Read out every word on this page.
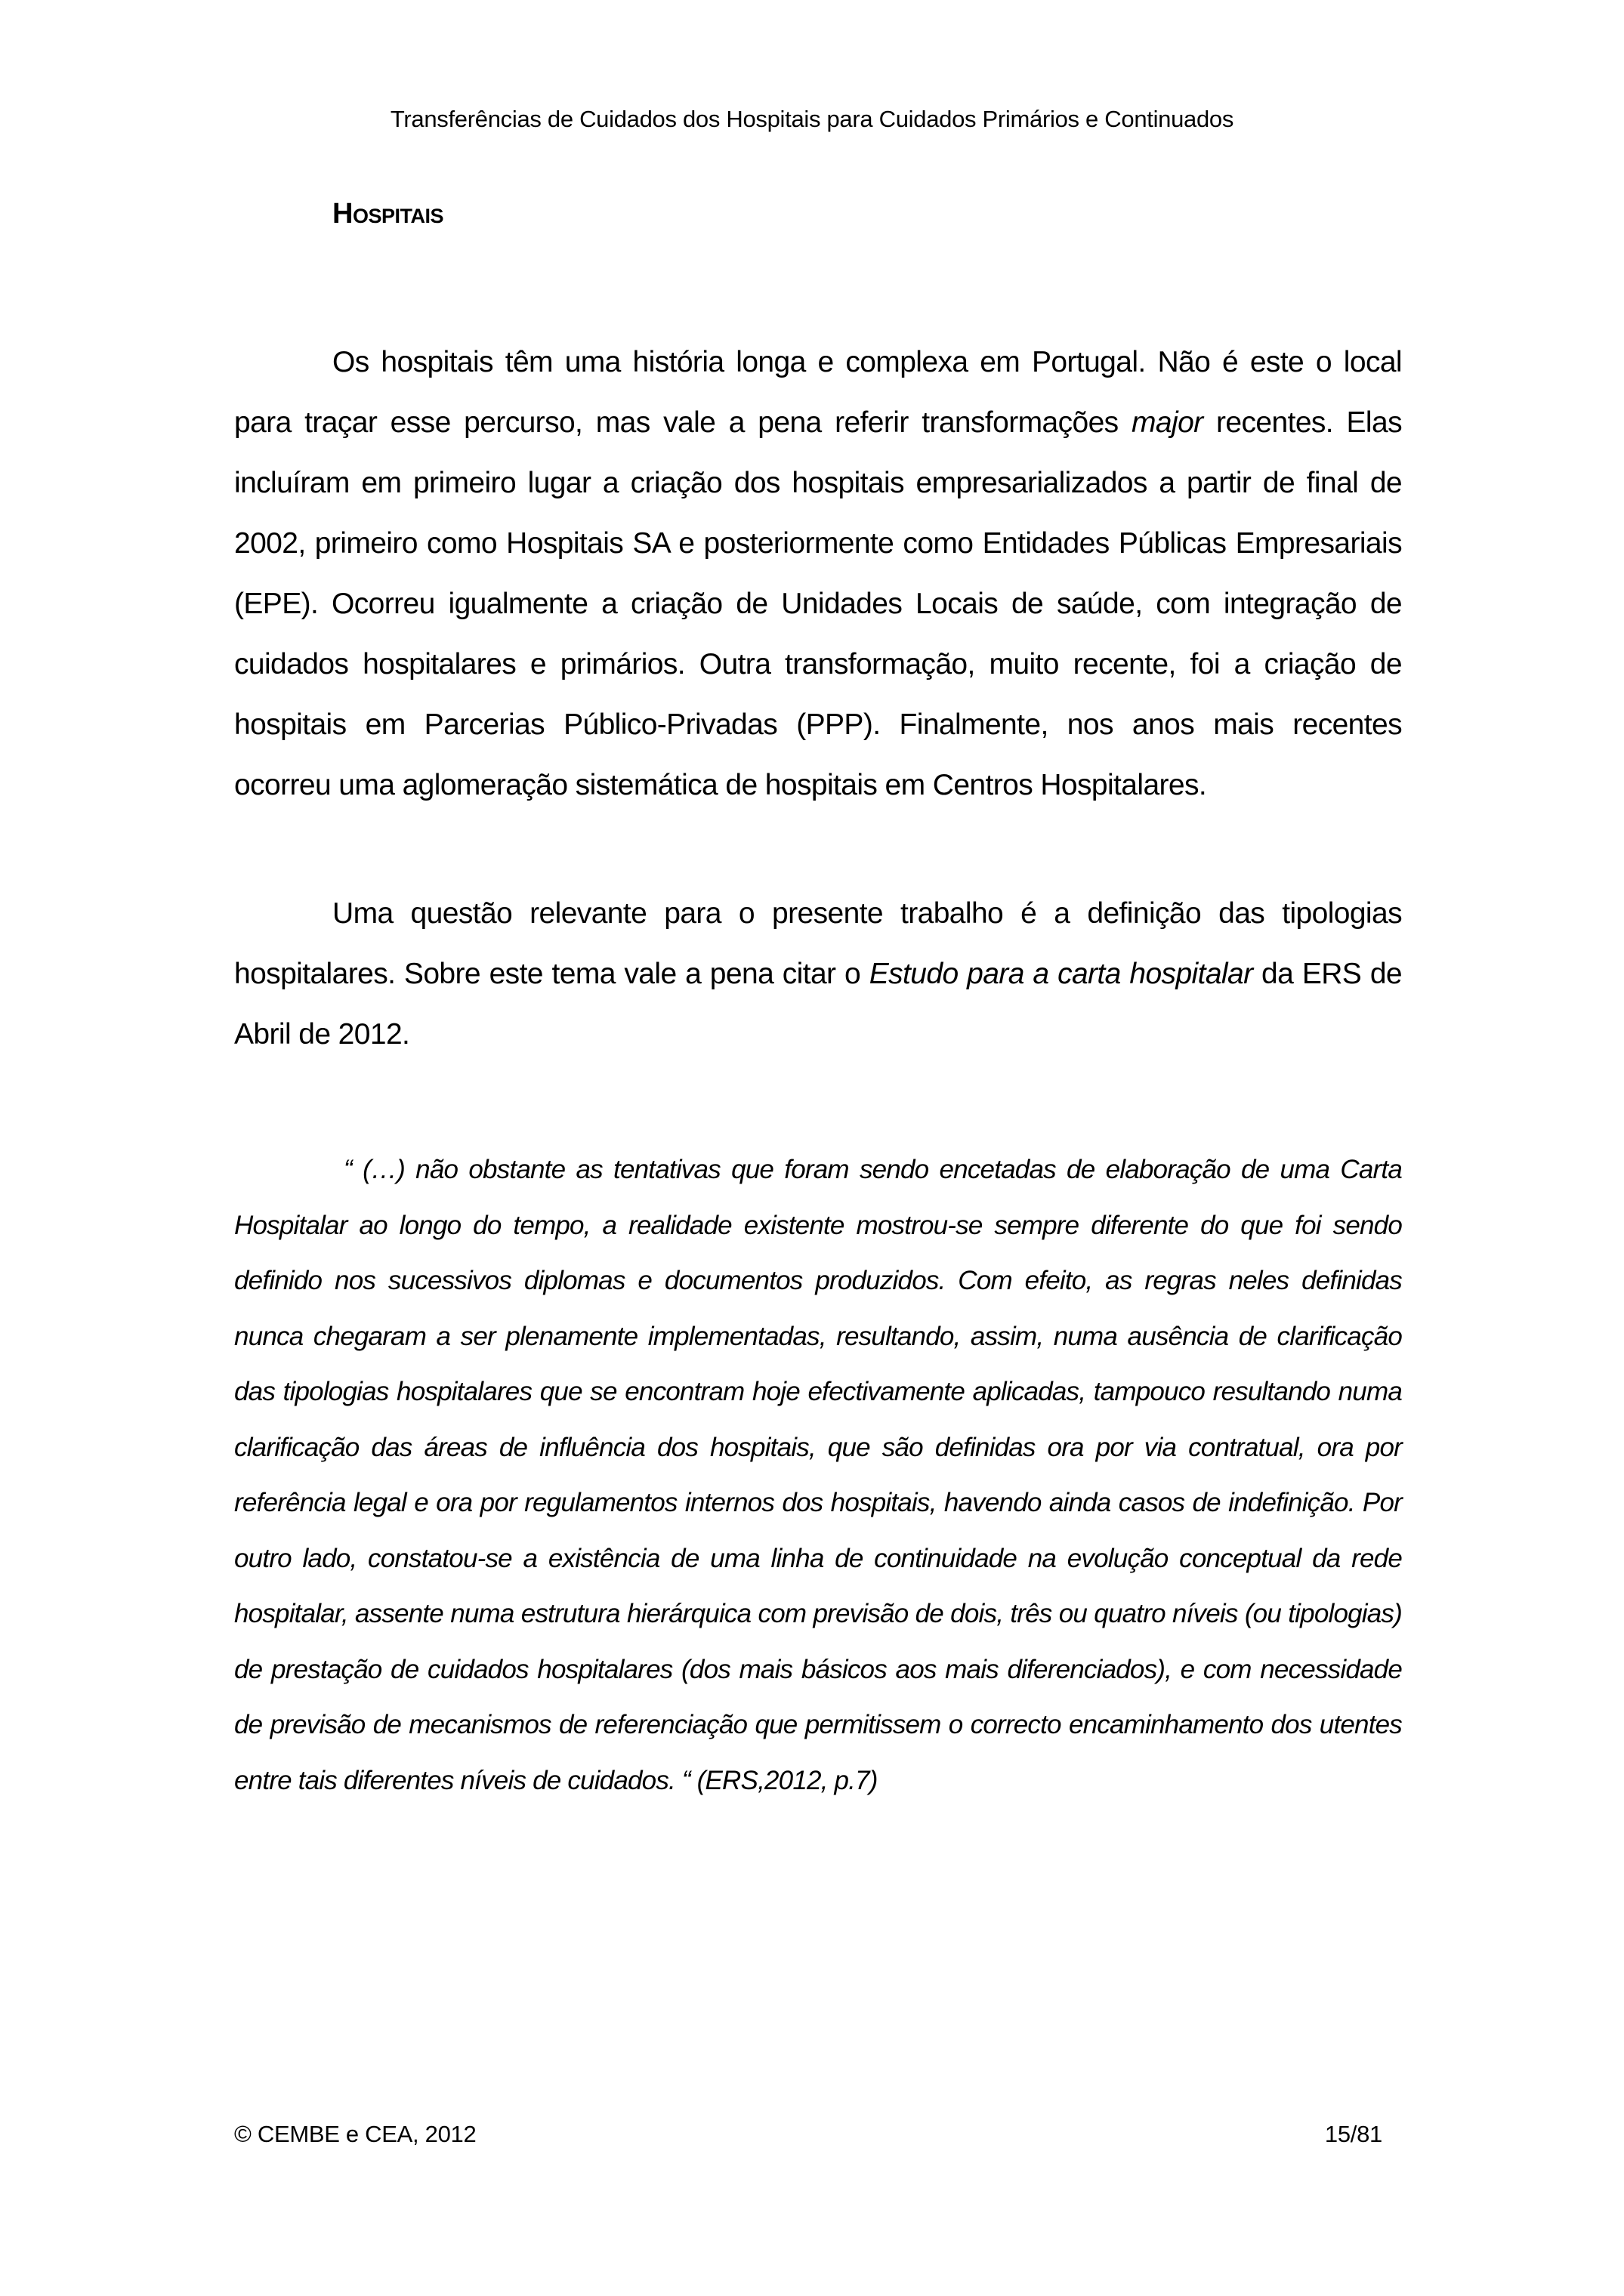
Transferências de Cuidados dos Hospitais para Cuidados Primários e Continuados
Hospitais

Os hospitais têm uma história longa e complexa em Portugal. Não é este o local para traçar esse percurso, mas vale a pena referir transformações major recentes. Elas incluíram em primeiro lugar a criação dos hospitais empresarializados a partir de final de 2002, primeiro como Hospitais SA e posteriormente como Entidades Públicas Empresariais (EPE). Ocorreu igualmente a criação de Unidades Locais de saúde, com integração de cuidados hospitalares e primários. Outra transformação, muito recente, foi a criação de hospitais em Parcerias Público-Privadas (PPP). Finalmente, nos anos mais recentes ocorreu uma aglomeração sistemática de hospitais em Centros Hospitalares.

Uma questão relevante para o presente trabalho é a definição das tipologias hospitalares. Sobre este tema vale a pena citar o Estudo para a carta hospitalar da ERS de Abril de 2012.

“ (…) não obstante as tentativas que foram sendo encetadas de elaboração de uma Carta Hospitalar ao longo do tempo, a realidade existente mostrou-se sempre diferente do que foi sendo definido nos sucessivos diplomas e documentos produzidos. Com efeito, as regras neles definidas nunca chegaram a ser plenamente implementadas, resultando, assim, numa ausência de clarificação das tipologias hospitalares que se encontram hoje efectivamente aplicadas, tampouco resultando numa clarificação das áreas de influência dos hospitais, que são definidas ora por via contratual, ora por referência legal e ora por regulamentos internos dos hospitais, havendo ainda casos de indefinição. Por outro lado, constatou-se a existência de uma linha de continuidade na evolução conceptual da rede hospitalar, assente numa estrutura hierárquica com previsão de dois, três ou quatro níveis (ou tipologias) de prestação de cuidados hospitalares (dos mais básicos aos mais diferenciados), e com necessidade de previsão de mecanismos de referenciação que permitissem o correcto encaminhamento dos utentes entre tais diferentes níveis de cuidados. “ (ERS,2012, p.7)

© CEMBE e CEA, 2012	15/81
